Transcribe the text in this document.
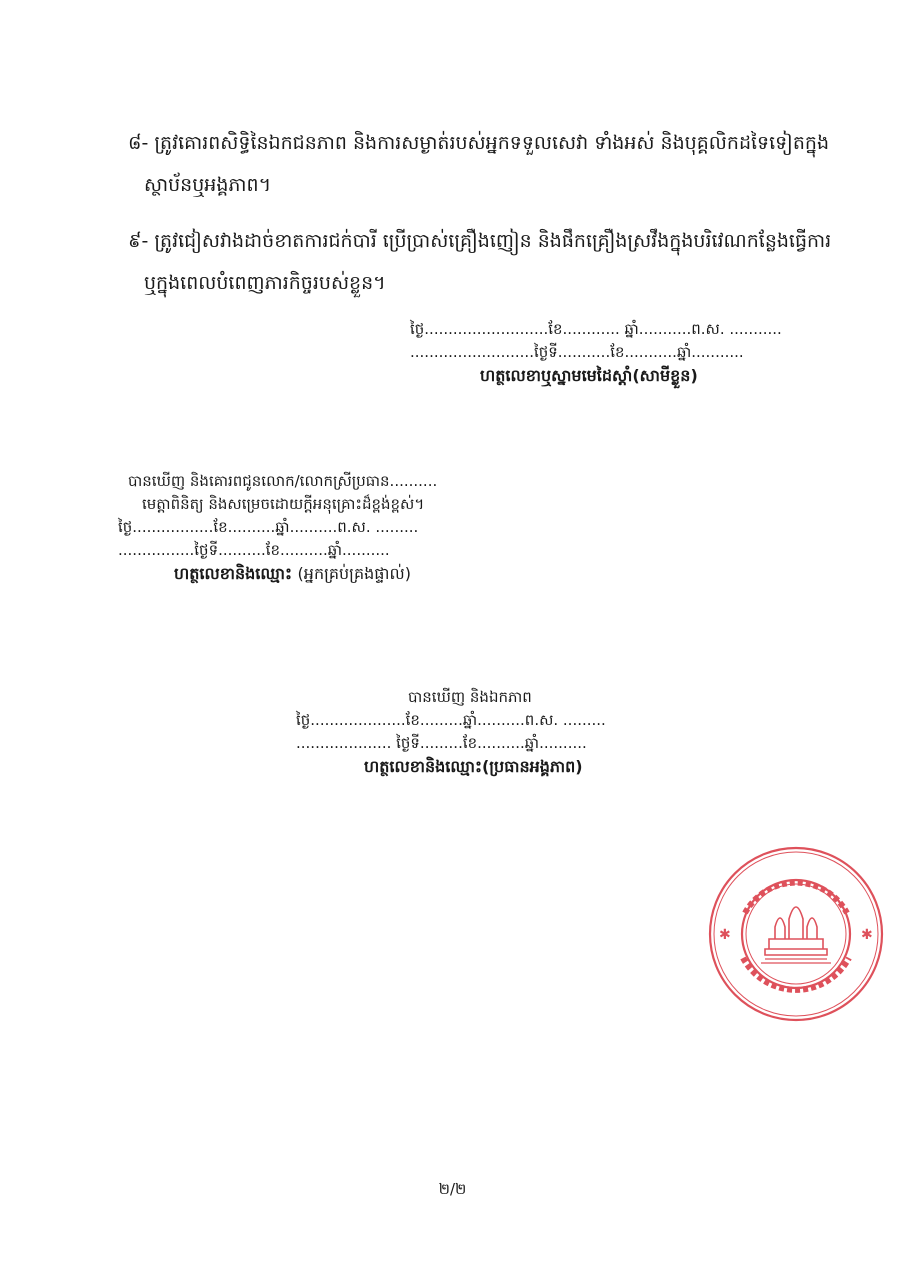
៨- ត្រូវគោរពសិទ្ធិនៃឯកជនភាព និងការសម្ងាត់របស់អ្នកទទួលសេវា ទាំងអស់ និងបុគ្គលិកដទៃទៀតក្នុង
ស្ថាប័នឬអង្គភាព។
៩- ត្រូវជៀសវាងដាច់ខាតការជក់បារី ប្រើប្រាស់គ្រឿងញៀន និងផឹកគ្រឿងស្រវឹងក្នុងបរិវេណកន្លែងធ្វើការ
ឬក្នុងពេលបំពេញភារកិច្ចរបស់ខ្លួន។
ថ្ងៃ..........................ខែ............ ឆ្នាំ...........ព.ស. ...........
..........................ថ្ងៃទី...........ខែ...........ឆ្នាំ...........
ហត្ថលេខាឬស្នាមមេដៃស្តាំ(សាមីខ្លួន)
បានឃើញ និងគោរពជូនលោក/លោកស្រីប្រធាន..........
មេត្តាពិនិត្យ និងសម្រេចដោយក្តីអនុគ្រោះដ៏ខ្ពង់ខ្ពស់។
ថ្ងៃ.................ខែ..........ឆ្នាំ..........ព.ស. .........
................ថ្ងៃទី..........ខែ..........ឆ្នាំ..........
ហត្ថលេខានិងឈ្មោះ (អ្នកគ្រប់គ្រងផ្ទាល់)
បានឃើញ និងឯកភាព
ថ្ងៃ....................ខែ.........ឆ្នាំ..........ព.ស. .........
.................... ថ្ងៃទី.........ខែ..........ឆ្នាំ..........
ហត្ថលេខានិងឈ្មោះ(ប្រធានអង្គភាព)
✱	✱
២/២
